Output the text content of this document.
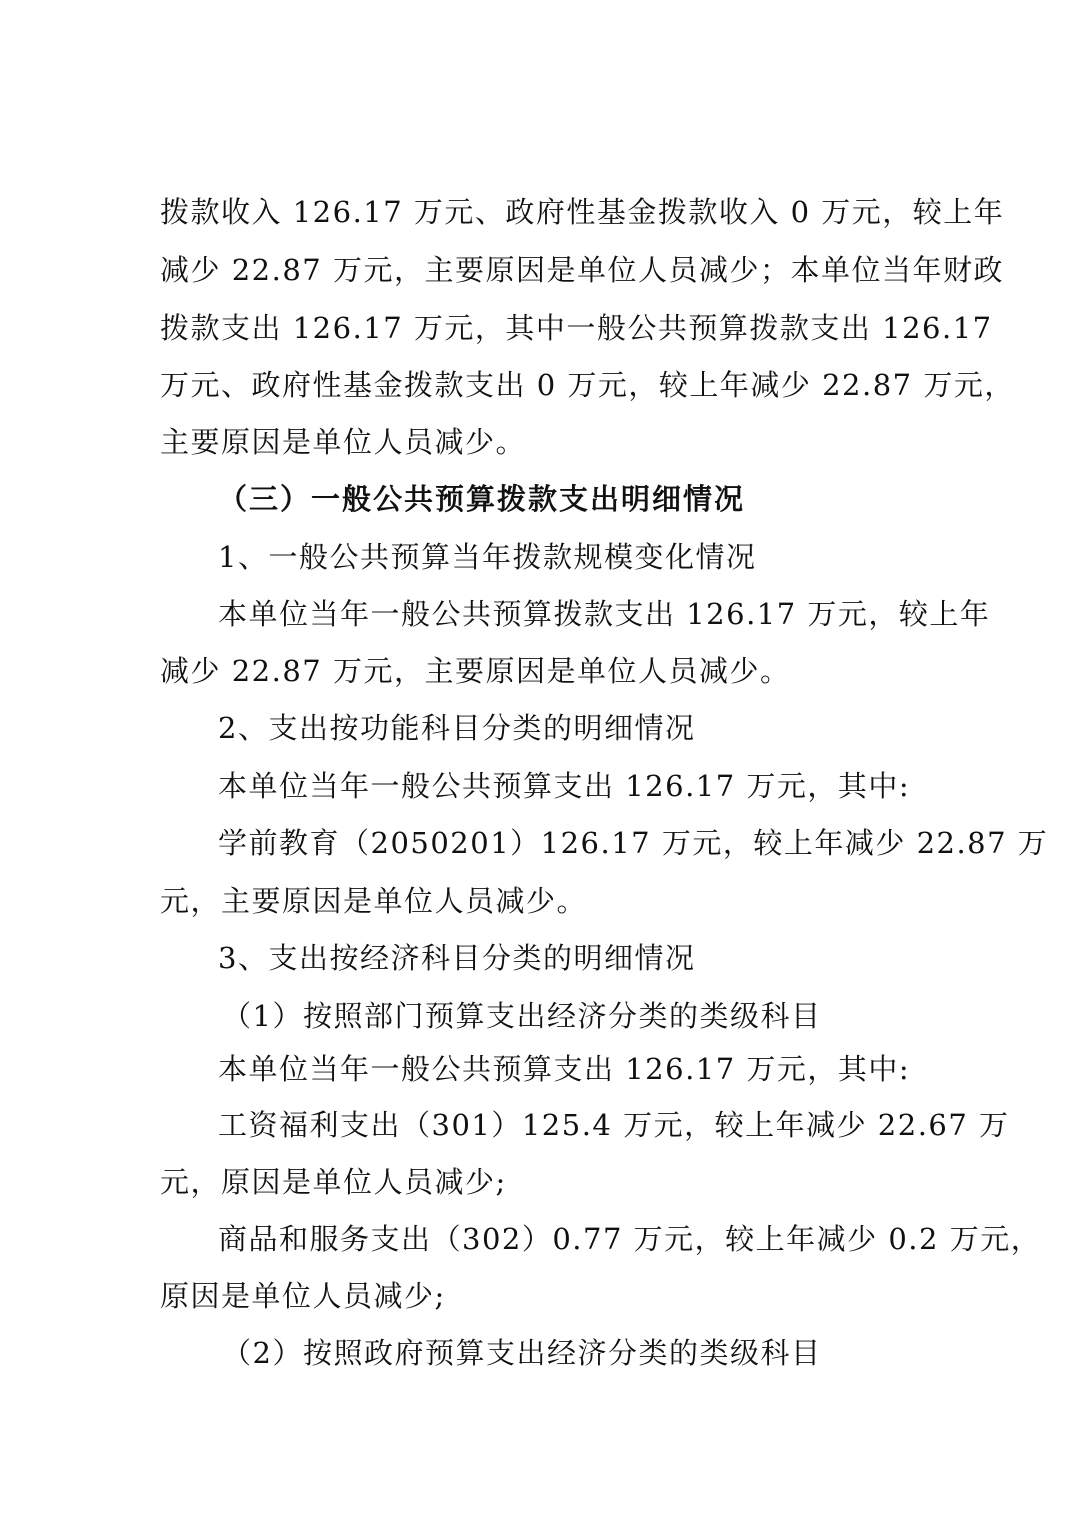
拨款收入 126.17 万元、政府性基金拨款收入 0 万元，较上年
减少 22.87 万元，主要原因是单位人员减少；本单位当年财政
拨款支出 126.17 万元，其中一般公共预算拨款支出 126.17
万元、政府性基金拨款支出 0 万元，较上年减少 22.87 万元，
主要原因是单位人员减少。
（三）一般公共预算拨款支出明细情况
1、一般公共预算当年拨款规模变化情况
本单位当年一般公共预算拨款支出 126.17 万元，较上年
减少 22.87 万元，主要原因是单位人员减少。
2、支出按功能科目分类的明细情况
本单位当年一般公共预算支出 126.17 万元，其中:
学前教育（2050201）126.17 万元，较上年减少 22.87 万
元，主要原因是单位人员减少。
3、支出按经济科目分类的明细情况
（1）按照部门预算支出经济分类的类级科目
本单位当年一般公共预算支出 126.17 万元，其中:
工资福利支出（301）125.4 万元，较上年减少 22.67 万
元，原因是单位人员减少;
商品和服务支出（302）0.77 万元，较上年减少 0.2 万元，
原因是单位人员减少;
（2）按照政府预算支出经济分类的类级科目
